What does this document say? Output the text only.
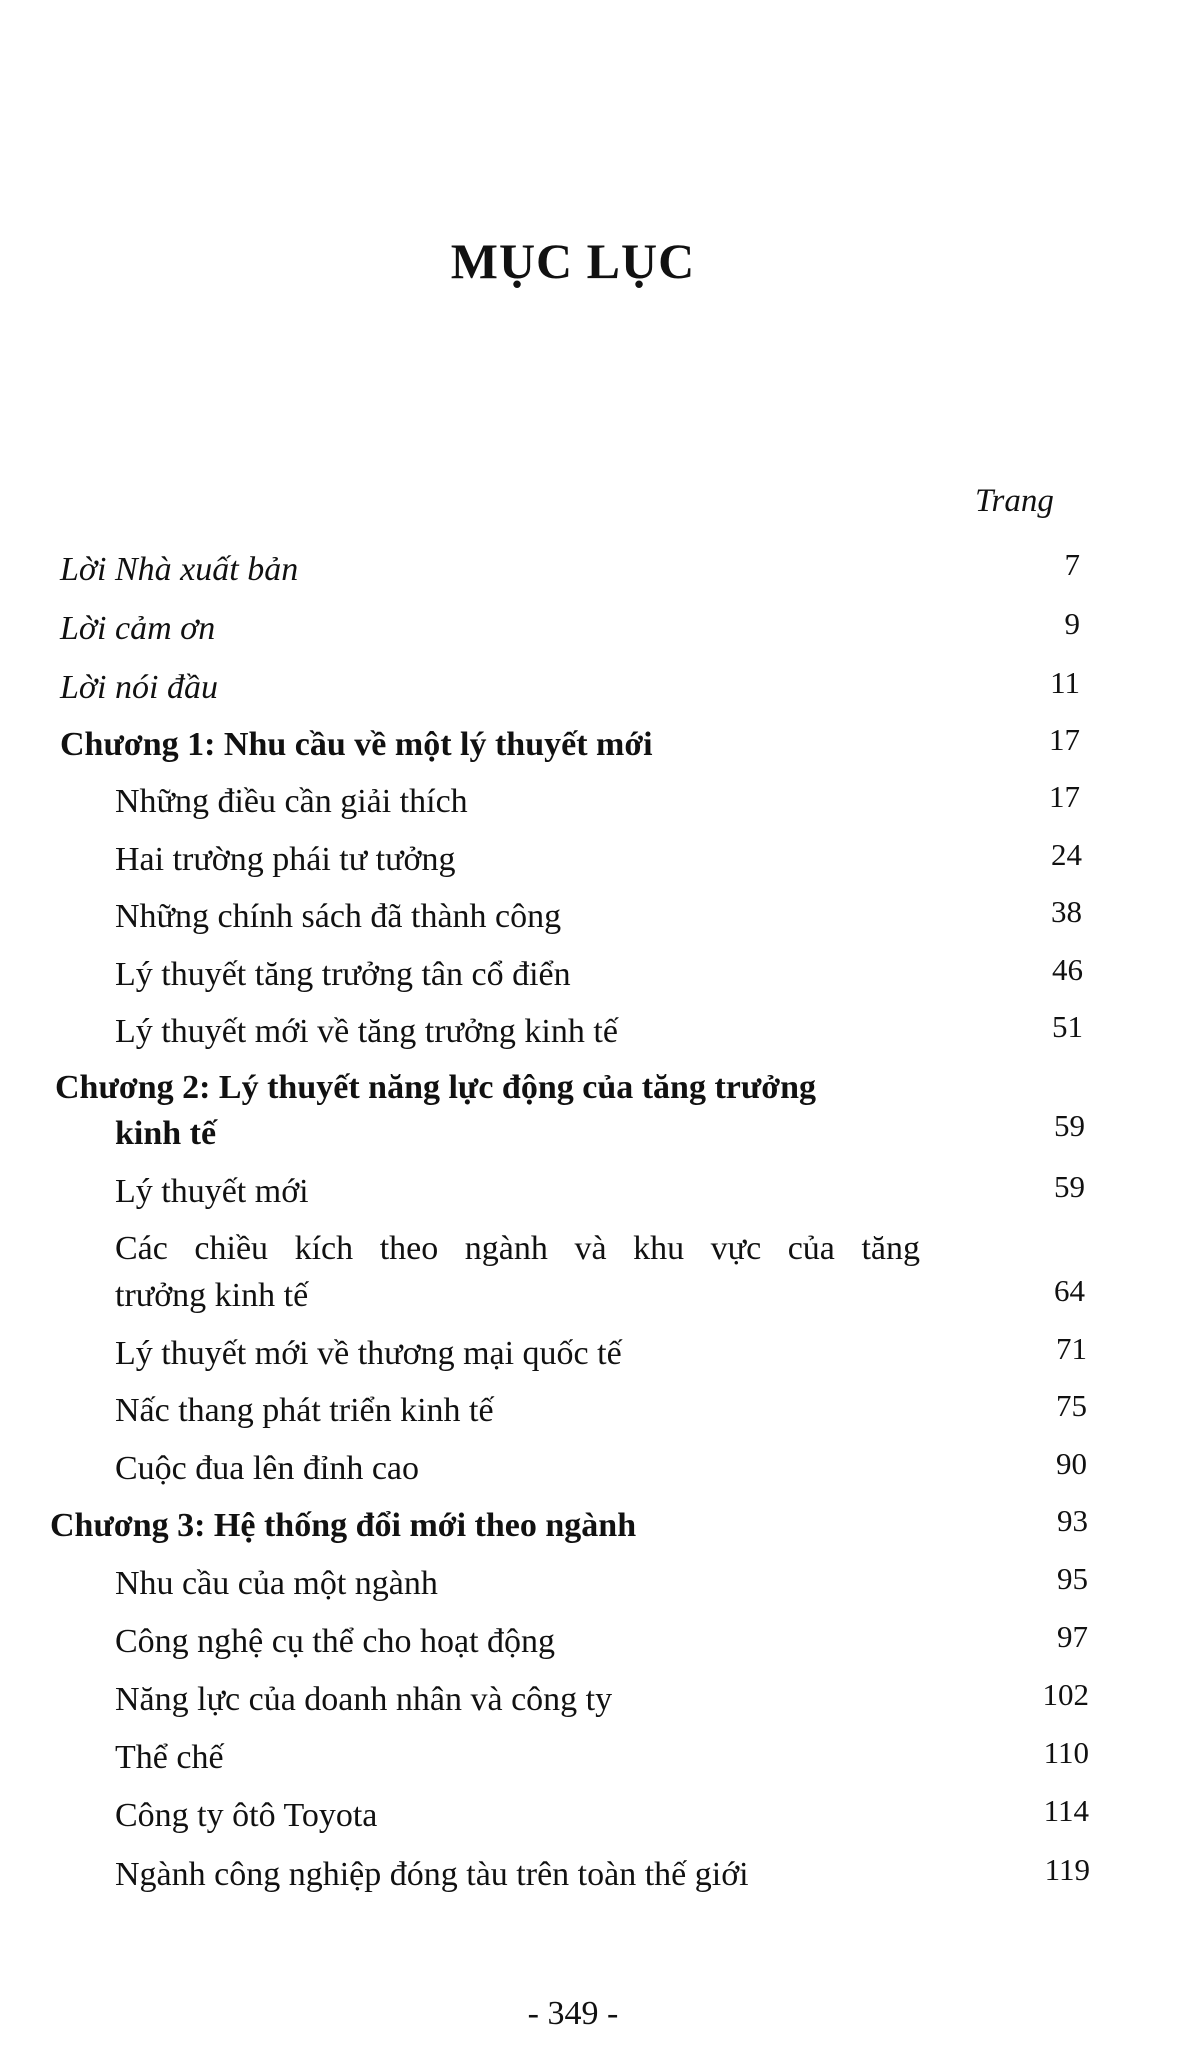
MỤC LỤC
Trang
Lời Nhà xuất bản	7
Lời cảm ơn	9
Lời nói đầu	11
Chương 1: Nhu cầu về một lý thuyết mới	17
Những điều cần giải thích	17
Hai trường phái tư tưởng	24
Những chính sách đã thành công	38
Lý thuyết tăng trưởng tân cổ điển	46
Lý thuyết mới về tăng trưởng kinh tế	51
Chương 2: Lý thuyết năng lực động của tăng trưởng
kinh tế	59
Lý thuyết mới	59
Các chiều kích theo ngành và khu vực của tăng
trưởng kinh tế	64
Lý thuyết mới về thương mại quốc tế	71
Nấc thang phát triển kinh tế	75
Cuộc đua lên đỉnh cao	90
Chương 3: Hệ thống đổi mới theo ngành	93
Nhu cầu của một ngành	95
Công nghệ cụ thể cho hoạt động	97
Năng lực của doanh nhân và công ty	102
Thể chế	110
Công ty ôtô Toyota	114
Ngành công nghiệp đóng tàu trên toàn thế giới	119
- 349 -
